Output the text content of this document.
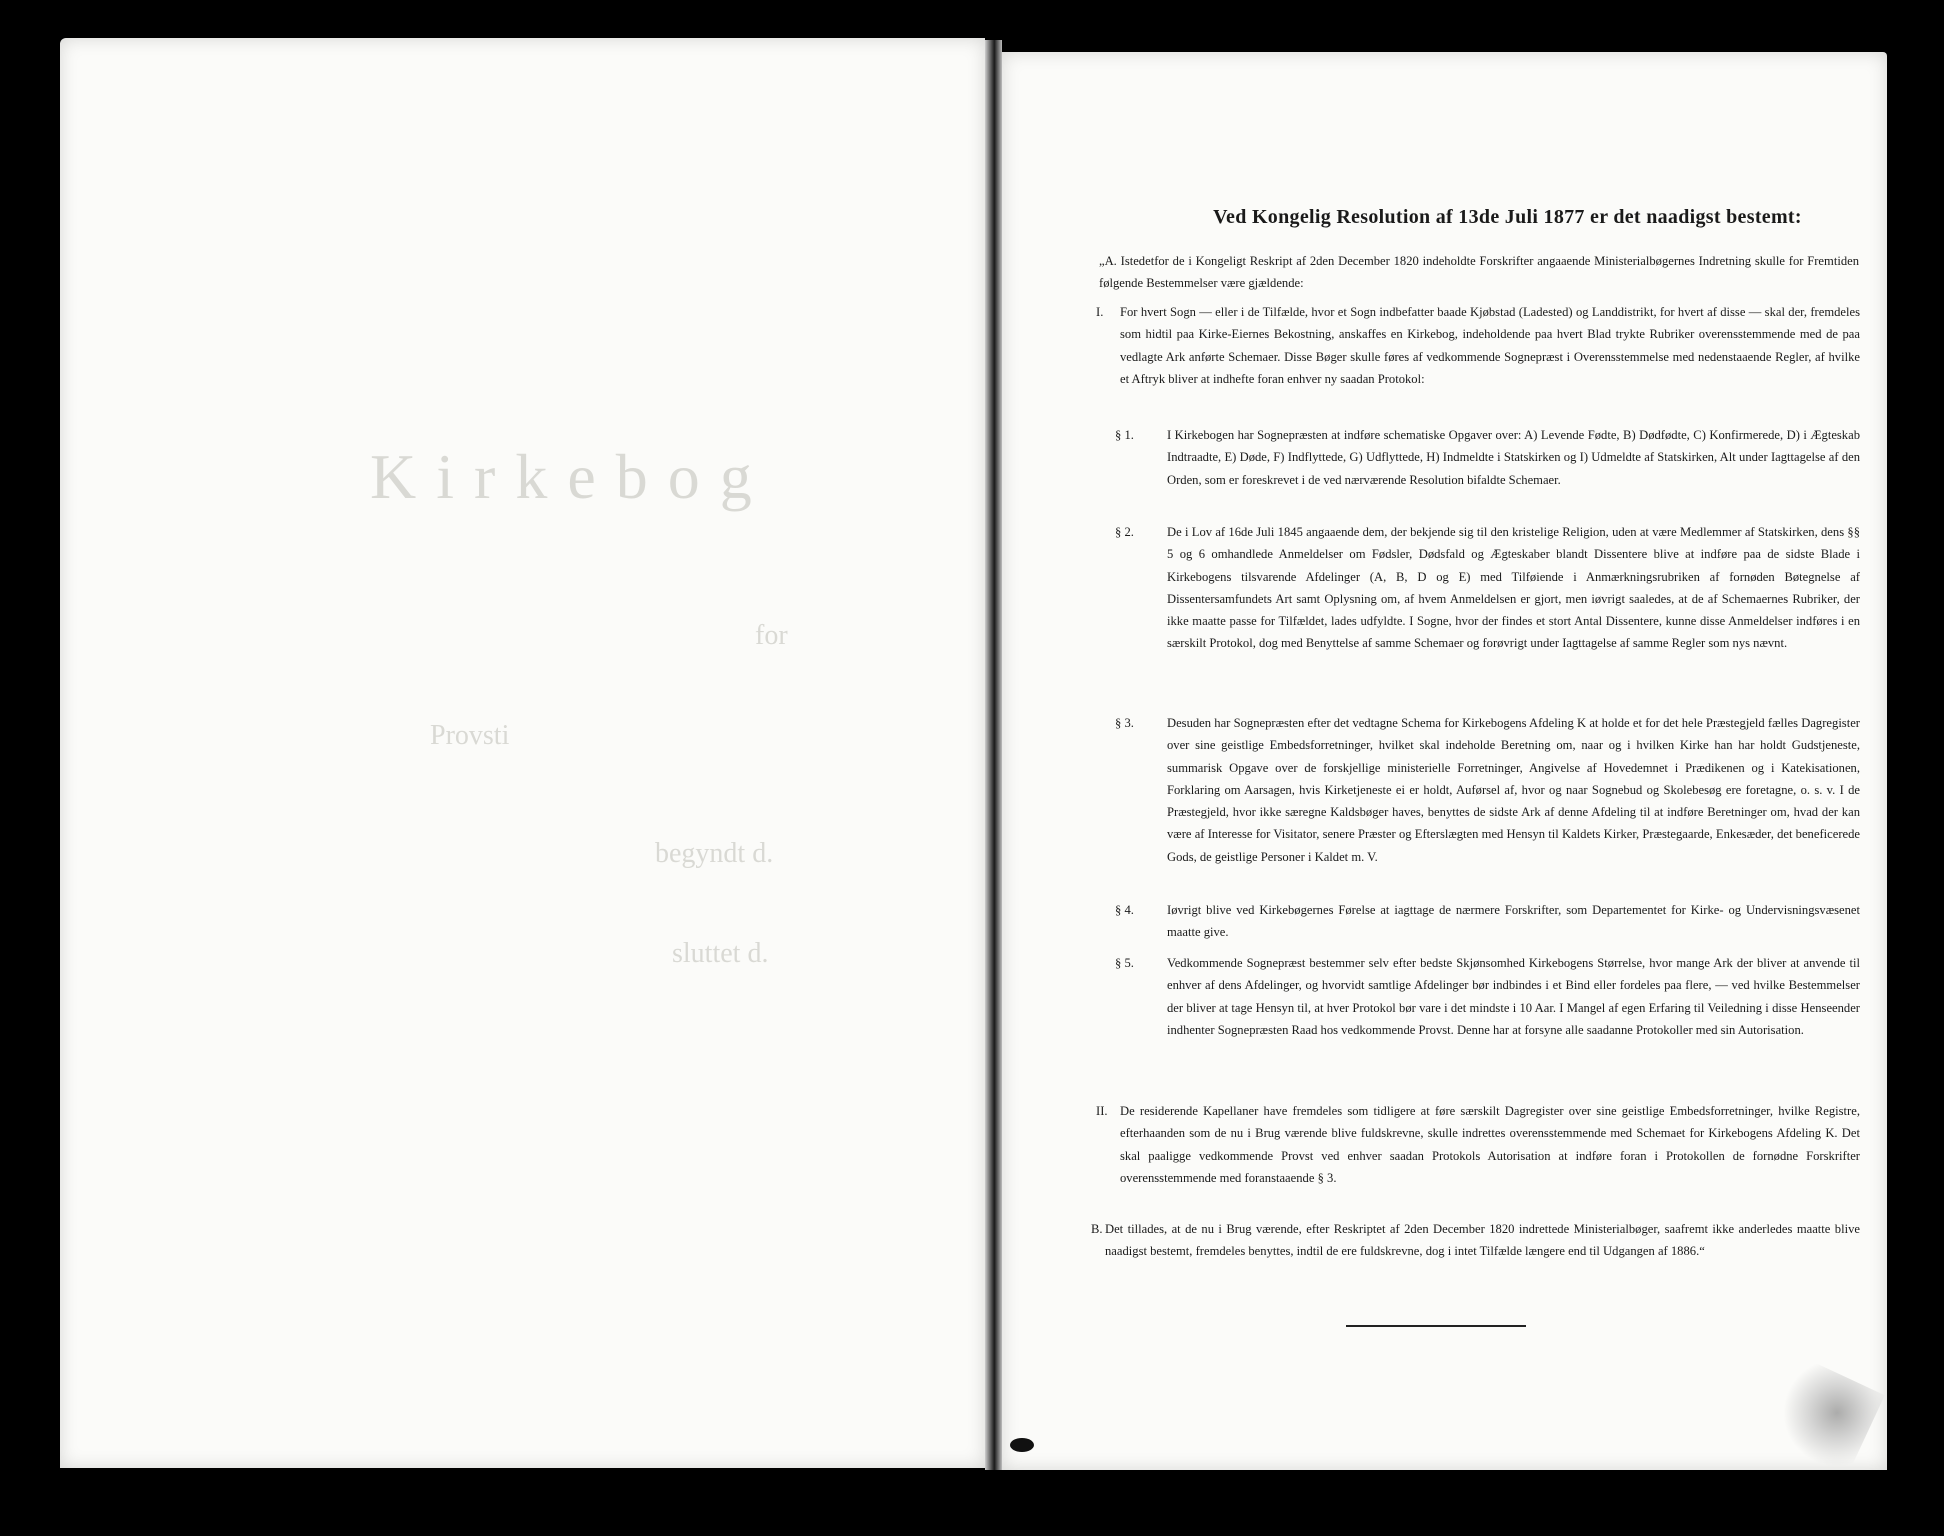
Kirkebog
for
Provsti
begyndt d.
sluttet d.
Ved Kongelig Resolution af 13de Juli 1877 er det naadigst bestemt:
„A. Istedetfor de i Kongeligt Reskript af 2den December 1820 indeholdte Forskrifter angaaende Ministerialbøgernes Indretning skulle for Fremtiden følgende Bestemmelser være gjældende:
I. For hvert Sogn — eller i de Tilfælde, hvor et Sogn indbefatter baade Kjøbstad (Ladested) og Landdistrikt, for hvert af disse — skal der, fremdeles som hidtil paa Kirke-Eiernes Bekostning, anskaffes en Kirkebog, indeholdende paa hvert Blad trykte Rubriker overensstemmende med de paa vedlagte Ark anførte Schemaer. Disse Bøger skulle føres af vedkommende Sognepræst i Overensstemmelse med nedenstaaende Regler, af hvilke et Aftryk bliver at indhefte foran enhver ny saadan Protokol:
§ 1.	I Kirkebogen har Sognepræsten at indføre schematiske Opgaver over: A) Levende Fødte, B) Dødfødte, C) Konfirmerede, D) i Ægteskab Indtraadte, E) Døde, F) Indflyttede, G) Udflyttede, H) Indmeldte i Statskirken og I) Udmeldte af Statskirken, Alt under Iagttagelse af den Orden, som er foreskrevet i de ved nærværende Resolution bifaldte Schemaer.
§ 2.	De i Lov af 16de Juli 1845 angaaende dem, der bekjende sig til den kristelige Religion, uden at være Medlemmer af Statskirken, dens §§ 5 og 6 omhandlede Anmeldelser om Fødsler, Dødsfald og Ægteskaber blandt Dissentere blive at indføre paa de sidste Blade i Kirkebogens tilsvarende Afdelinger (A, B, D og E) med Tilføiende i Anmærkningsrubriken af fornøden Bøtegnelse af Dissentersamfundets Art samt Oplysning om, af hvem Anmeldelsen er gjort, men iøvrigt saaledes, at de af Schemaernes Rubriker, der ikke maatte passe for Tilfældet, lades udfyldte. I Sogne, hvor der findes et stort Antal Dissentere, kunne disse Anmeldelser indføres i en særskilt Protokol, dog med Benyttelse af samme Schemaer og forøvrigt under Iagttagelse af samme Regler som nys nævnt.
§ 3.	Desuden har Sognepræsten efter det vedtagne Schema for Kirkebogens Afdeling K at holde et for det hele Præstegjeld fælles Dagregister over sine geistlige Embedsforretninger, hvilket skal indeholde Beretning om, naar og i hvilken Kirke han har holdt Gudstjeneste, summarisk Opgave over de forskjellige ministerielle Forretninger, Angivelse af Hovedemnet i Prædikenen og i Katekisationen, Forklaring om Aarsagen, hvis Kirketjeneste ei er holdt, Auførsel af, hvor og naar Sognebud og Skolebesøg ere foretagne, o. s. v. I de Præstegjeld, hvor ikke særegne Kaldsbøger haves, benyttes de sidste Ark af denne Afdeling til at indføre Beretninger om, hvad der kan være af Interesse for Visitator, senere Præster og Efterslægten med Hensyn til Kaldets Kirker, Præstegaarde, Enkesæder, det beneficerede Gods, de geistlige Personer i Kaldet m. V.
§ 4.	Iøvrigt blive ved Kirkebøgernes Førelse at iagttage de nærmere Forskrifter, som Departementet for Kirke- og Undervisningsvæsenet maatte give.
§ 5.	Vedkommende Sognepræst bestemmer selv efter bedste Skjønsomhed Kirkebogens Størrelse, hvor mange Ark der bliver at anvende til enhver af dens Afdelinger, og hvorvidt samtlige Afdelinger bør indbindes i et Bind eller fordeles paa flere, — ved hvilke Bestemmelser der bliver at tage Hensyn til, at hver Protokol bør vare i det mindste i 10 Aar. I Mangel af egen Erfaring til Veiledning i disse Henseender indhenter Sognepræsten Raad hos vedkommende Provst. Denne har at forsyne alle saadanne Protokoller med sin Autorisation.
II. De residerende Kapellaner have fremdeles som tidligere at føre særskilt Dagregister over sine geistlige Embedsforretninger, hvilke Registre, efterhaanden som de nu i Brug værende blive fuldskrevne, skulle indrettes overensstemmende med Schemaet for Kirkebogens Afdeling K. Det skal paaligge vedkommende Provst ved enhver saadan Protokols Autorisation at indføre foran i Protokollen de fornødne Forskrifter overensstemmende med foranstaaende § 3.
B. Det tillades, at de nu i Brug værende, efter Reskriptet af 2den December 1820 indrettede Ministerialbøger, saafremt ikke anderledes maatte blive naadigst bestemt, fremdeles benyttes, indtil de ere fuldskrevne, dog i intet Tilfælde længere end til Udgangen af 1886.“
